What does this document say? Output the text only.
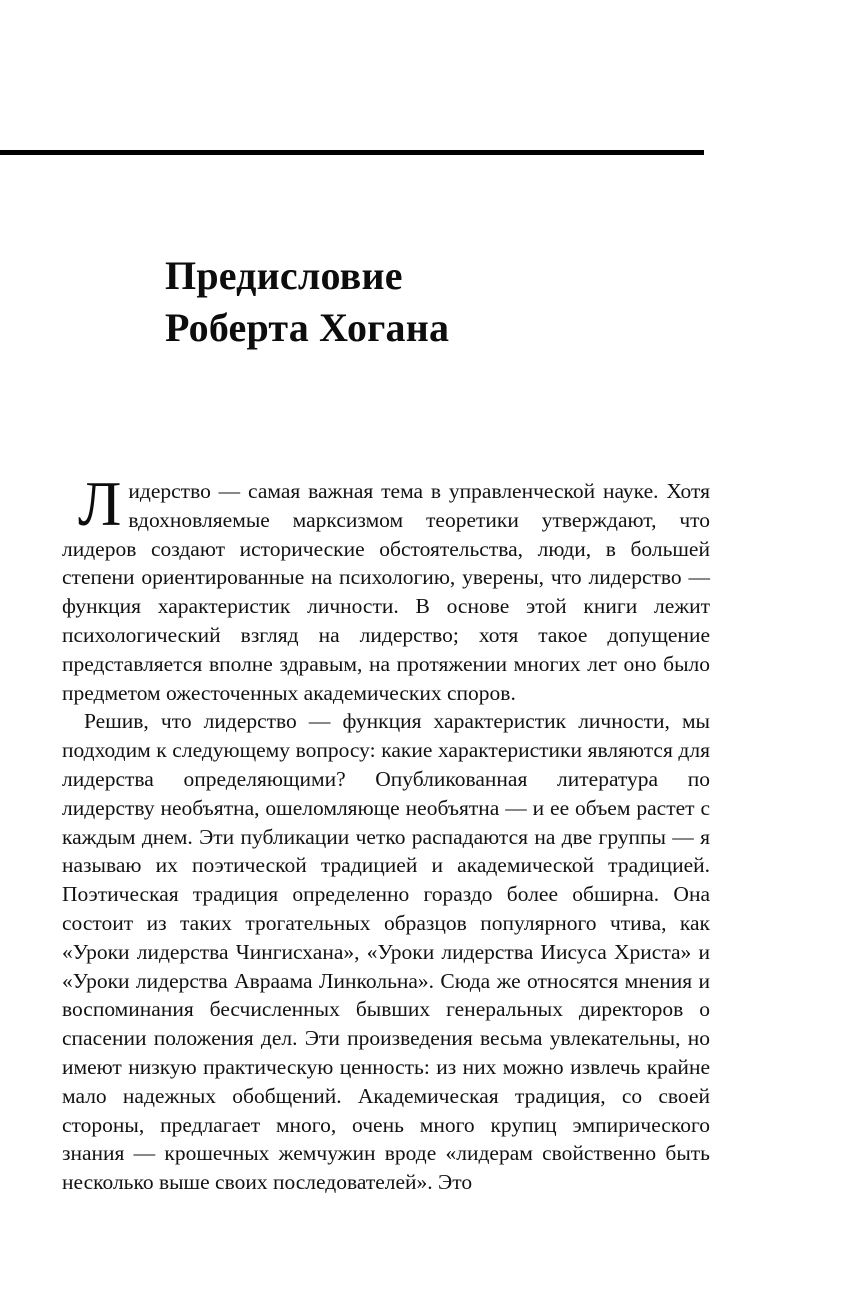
Предисловие
Роберта Хогана

Лидерство — самая важная тема в управленческой науке. Хотя вдохновляемые марксизмом теоретики утверждают, что лидеров создают исторические обстоятельства, люди, в большей степени ориентированные на психологию, уверены, что лидерство — функция характеристик личности. В основе этой книги лежит психологический взгляд на лидерство; хотя такое допущение представляется вполне здравым, на протяжении многих лет оно было предметом ожесточенных академических споров.

Решив, что лидерство — функция характеристик личности, мы подходим к следующему вопросу: какие характеристики являются для лидерства определяющими? Опубликованная литература по лидерству необъятна, ошеломляюще необъятна — и ее объем растет с каждым днем. Эти публикации четко распадаются на две группы — я называю их поэтической традицией и академической традицией. Поэтическая традиция определенно гораздо более обширна. Она состоит из таких трогательных образцов популярного чтива, как «Уроки лидерства Чингисхана», «Уроки лидерства Иисуса Христа» и «Уроки лидерства Авраама Линкольна». Сюда же относятся мнения и воспоминания бесчисленных бывших генеральных директоров о спасении положения дел. Эти произведения весьма увлекательны, но имеют низкую практическую ценность: из них можно извлечь крайне мало надежных обобщений. Академическая традиция, со своей стороны, предлагает много, очень много крупиц эмпирического знания — крошечных жемчужин вроде «лидерам свойственно быть несколько выше своих последователей». Это
